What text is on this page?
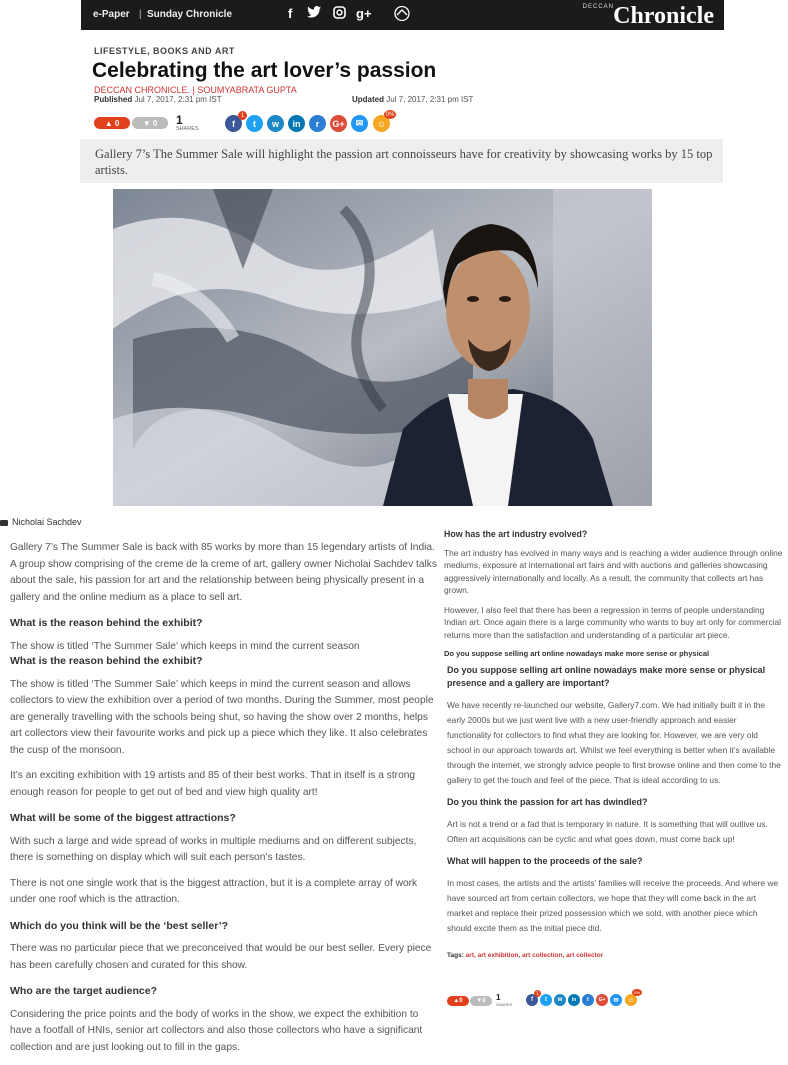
e-Paper | Sunday Chronicle	f	g+	DECCAN Chronicle
LIFESTYLE, BOOKS AND ART
Celebrating the art lover’s passion
DECCAN CHRONICLE. | SOUMYABRATA GUPTA
Published Jul 7, 2017, 2:31 pm IST	Updated Jul 7, 2017, 2:31 pm IST
▲ 0	▼ 0 1
SHARES
f
1
t	w	in	r	G+	✉	☺
0%

Gallery 7’s The Summer Sale will highlight the passion art connoisseurs have for creativity by showcasing works by 15 top artists.

Nicholai Sachdev

Gallery 7’s The Summer Sale is back with 85 works by more than 15 legendary artists of India. A group show comprising of the creme de la creme of art, gallery owner Nicholai Sachdev talks about the sale, his passion for art and the relationship between being physically present in a gallery and the online medium as a place to sell art.

What is the reason behind the exhibit?

The show is titled ‘The Summer Sale’ which keeps in mind the current season

What is the reason behind the exhibit?

The show is titled ‘The Summer Sale’ which keeps in mind the current season and allows collectors to view the exhibition over a period of two months. During the Summer, most people are generally travelling with the schools being shut, so having the show over 2 months, helps art collectors view their favourite works and pick up a piece which they like. It also celebrates the cusp of the monsoon.

It’s an exciting exhibition with 19 artists and 85 of their best works. That in itself is a strong enough reason for people to get out of bed and view high quality art!

What will be some of the biggest attractions?

With such a large and wide spread of works in multiple mediums and on different subjects, there is something on display which will suit each person’s tastes.

There is not one single work that is the biggest attraction, but it is a complete array of work under one roof which is the attraction.

Which do you think will be the ‘best seller’?

There was no particular piece that we preconceived that would be our best seller. Every piece has been carefully chosen and curated for this show.

Who are the target audience?

Considering the price points and the body of works in the show, we expect the exhibition to have a footfall of HNIs, senior art collectors and also those collectors who have a significant collection and are just looking out to fill in the gaps.

How has the art industry evolved?

The art industry has evolved in many ways and is reaching a wider audience through online mediums, exposure at international art fairs and with auctions and galleries showcasing aggressively internationally and locally. As a result, the community that collects art has grown.

However, I also feel that there has been a regression in terms of people understanding Indian art. Once again there is a large community who wants to buy art only for commercial returns more than the satisfaction and understanding of a particular art piece.

Do you suppose selling art online nowadays make more sense or physical

Do you suppose selling art online nowadays make more sense or physical presence and a gallery are important?

We have recently re-launched our website, Gallery7.com. We had initially built it in the early 2000s but we just went live with a new user-friendly approach and easier functionality for collectors to find what they are looking for. However, we are very old school in our approach towards art. Whilst we feel everything is better when it’s available through the internet, we strongly advice people to first browse online and then come to the gallery to get the touch and feel of the piece. That is ideal according to us.

Do you think the passion for art has dwindled?

Art is not a trend or a fad that is temporary in nature. It is something that will outlive us. Often art acquisitions can be cyclic and what goes down, must come back up!

What will happen to the proceeds of the sale?

In most cases, the artists and the artists’ families will receive the proceeds. And where we have sourced art from certain collectors, we hope that they will come back in the art market and replace their prized possession which we sold, with another piece which should excite them as the initial piece did.

Tags: art, art exhibition, art collection, art collector
▲ 0 ▼ 0 1
SHARES
f
1
t	w	in	r	G+	✉	☺
0%
